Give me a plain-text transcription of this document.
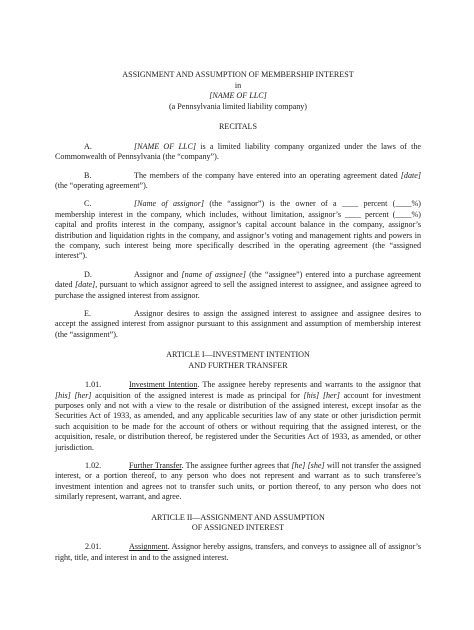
ASSIGNMENT AND ASSUMPTION OF MEMBERSHIP INTEREST
in
[NAME OF LLC]
(a Pennsylvania limited liability company)
RECITALS

A.	[NAME OF LLC] is a limited liability company organized under the laws of the Commonwealth of Pennsylvania (the “company”).

B.	The members of the company have entered into an operating agreement dated [date] (the “operating agreement”).

C.	[Name of assignor] (the “assignor”) is the owner of a ____ percent (____%) membership interest in the company, which includes, without limitation, assignor’s ____ percent (____%) capital and profits interest in the company, assignor’s capital account balance in the company, assignor’s distribution and liquidation rights in the company, and assignor’s voting and management rights and powers in the company, such interest being more specifically described in the operating agreement (the “assigned interest”).

D.	Assignor and [name of assignee] (the “assignee”) entered into a purchase agreement dated [date], pursuant to which assignor agreed to sell the assigned interest to assignee, and assignee agreed to purchase the assigned interest from assignor.

E.	Assignor desires to assign the assigned interest to assignee and assignee desires to accept the assigned interest from assignor pursuant to this assignment and assumption of membership interest (the “assignment”).

ARTICLE I—INVESTMENT INTENTION
AND FURTHER TRANSFER

1.01.	Investment Intention. The assignee hereby represents and warrants to the assignor that [his] [her] acquisition of the assigned interest is made as principal for [his] [her] account for investment purposes only and not with a view to the resale or distribution of the assigned interest, except insofar as the Securities Act of 1933, as amended, and any applicable securities law of any state or other jurisdiction permit such acquisition to be made for the account of others or without requiring that the assigned interest, or the acquisition, resale, or distribution thereof, be registered under the Securities Act of 1933, as amended, or other jurisdiction.

1.02.	Further Transfer. The assignee further agrees that [he] [she] will not transfer the assigned interest, or a portion thereof, to any person who does not represent and warrant as to such transferee’s investment intention and agrees not to transfer such units, or portion thereof, to any person who does not similarly represent, warrant, and agree.

ARTICLE II—ASSIGNMENT AND ASSUMPTION
OF ASSIGNED INTEREST

2.01.	Assignment. Assignor hereby assigns, transfers, and conveys to assignee all of assignor’s right, title, and interest in and to the assigned interest.
